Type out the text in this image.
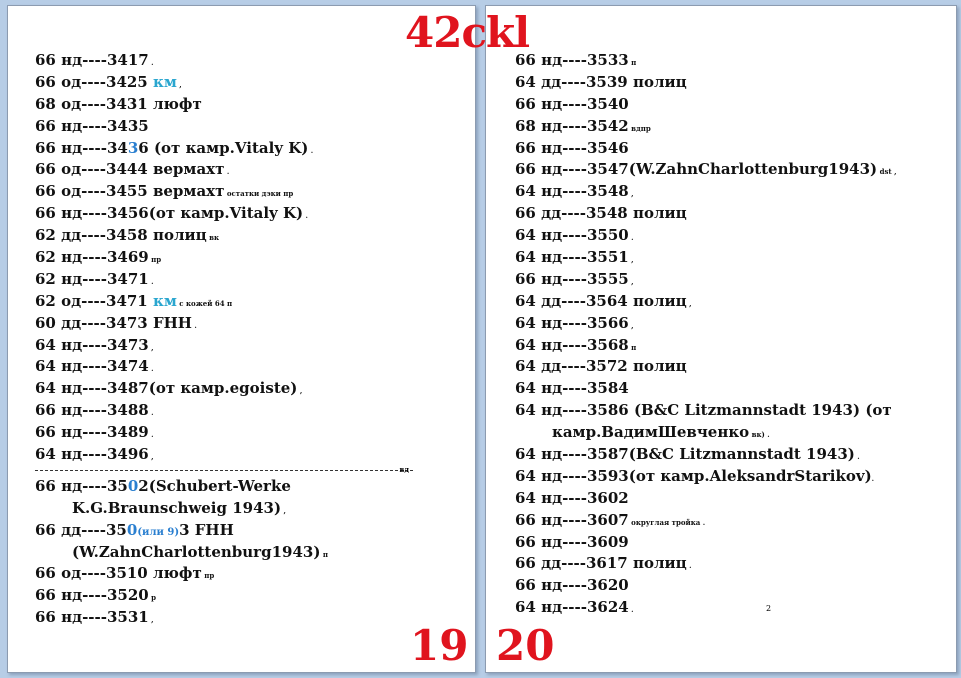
42ckl
66 нд----3417 .
66 од----3425 км ,
68 од----3431 люфт
66 нд----3435
66 нд----3436 (от камр.Vitaly K) .
66 од----3444 вермахт .
66 од----3455 вермахт остатки дэки пр
66 нд----3456(от камр.Vitaly K) .
62 дд----3458 полиц вк
62 нд----3469 пр
62 нд----3471 .
62 од----3471 км с кожей 64 п
60 дд----3473 FHH .
64 нд----3473 ,
64 нд----3474 .
64 нд----3487(от камр.egoiste) ,
66 нд----3488 .
66 нд----3489 .
64 нд----3496 ,
вд
66 нд----3502(Schubert-Werke
K.G.Braunschweig 1943) ,
66 дд----350(или 9)3 FHH
(W.ZahnCharlottenburg1943) п
66 од----3510 люфт пр
66 нд----3520 р
66 нд----3531 ,
66 нд----3533 п
64 дд----3539 полиц
66 нд----3540
68 нд----3542 вдпр
66 нд----3546
66 нд----3547(W.ZahnCharlottenburg1943) dst ,
64 нд----3548 ,
66 дд----3548 полиц
64 нд----3550 .
64 нд----3551 ,
66 нд----3555 ,
64 дд----3564 полиц ,
64 нд----3566 ,
64 нд----3568 п
64 дд----3572 полиц
64 нд----3584
64 нд----3586 (B&C Litzmannstadt 1943) (от
камр.ВадимШевченко вк) .
64 нд----3587(B&C Litzmannstadt 1943) .
64 нд----3593(от камр.AleksandrStarikov).
64 нд----3602
66 нд----3607 округлая тройка .
66 нд----3609
66 дд----3617 полиц .
66 нд----3620
64 нд----3624 .
19 20
2
